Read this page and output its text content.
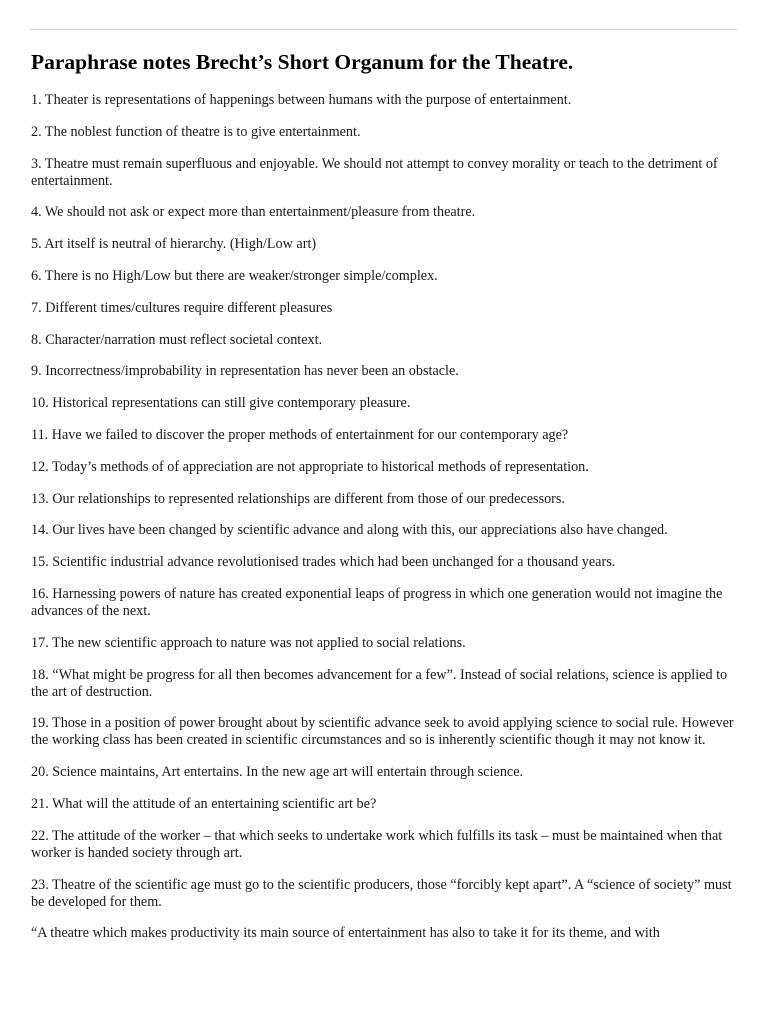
Paraphrase notes Brecht’s Short Organum for the Theatre.
1. Theater is representations of happenings between humans with the purpose of entertainment.
2. The noblest function of theatre is to give entertainment.
3. Theatre must remain superfluous and enjoyable. We should not attempt to convey morality or teach to the detriment of entertainment.
4. We should not ask or expect more than entertainment/pleasure from theatre.
5. Art itself is neutral of hierarchy. (High/Low art)
6. There is no High/Low but there are weaker/stronger simple/complex.
7. Different times/cultures require different pleasures
8. Character/narration must reflect societal context.
9. Incorrectness/improbability in representation has never been an obstacle.
10. Historical representations can still give contemporary pleasure.
11. Have we failed to discover the proper methods of entertainment for our contemporary age?
12. Today’s methods of of appreciation are not appropriate to historical methods of representation.
13. Our relationships to represented relationships are different from those of our predecessors.
14. Our lives have been changed by scientific advance and along with this, our appreciations also have changed.
15. Scientific industrial advance revolutionised trades which had been unchanged for a thousand years.
16. Harnessing powers of nature has created exponential leaps of progress in which one generation would not imagine the advances of the next.
17. The new scientific approach to nature was not applied to social relations.
18. “What might be progress for all then becomes advancement for a few”. Instead of social relations, science is applied to the art of destruction.
19. Those in a position of power brought about by scientific advance seek to avoid applying science to social rule. However the working class has been created in scientific circumstances and so is inherently scientific though it may not know it.
20. Science maintains, Art entertains. In the new age art will entertain through science.
21. What will the attitude of an entertaining scientific art be?
22. The attitude of the worker – that which seeks to undertake work which fulfills its task – must be maintained when that worker is handed society through art.
23. Theatre of the scientific age must go to the scientific producers, those “forcibly kept apart”. A “science of society” must be developed for them.
“A theatre which makes productivity its main source of entertainment has also to take it for its theme, and with
